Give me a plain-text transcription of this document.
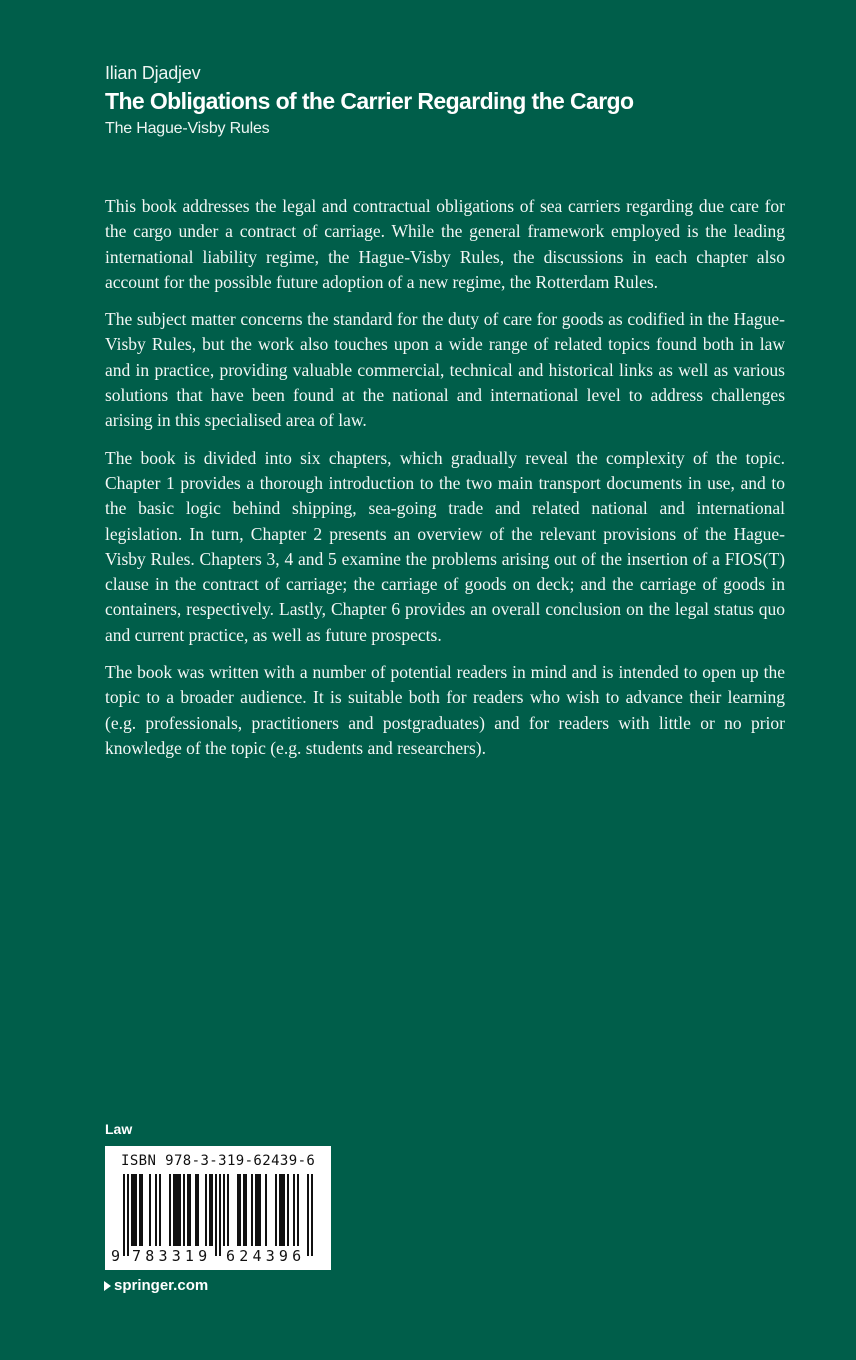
Ilian Djadjev
The Obligations of the Carrier Regarding the Cargo
The Hague-Visby Rules

This book addresses the legal and contractual obligations of sea carriers regarding due care for the cargo under a contract of carriage. While the general framework employed is the leading international liability regime, the Hague-Visby Rules, the discussions in each chapter also account for the possible future adoption of a new regime, the Rotterdam Rules.

The subject matter concerns the standard for the duty of care for goods as codified in the Hague-Visby Rules, but the work also touches upon a wide range of related topics found both in law and in practice, providing valuable commercial, technical and historical links as well as various solutions that have been found at the national and international level to address challenges arising in this specialised area of law.

The book is divided into six chapters, which gradually reveal the complexity of the topic. Chapter 1 provides a thorough introduction to the two main transport documents in use, and to the basic logic behind shipping, sea-going trade and related national and international legislation. In turn, Chapter 2 presents an overview of the relevant provisions of the Hague-Visby Rules. Chapters 3, 4 and 5 examine the problems arising out of the insertion of a FIOS(T) clause in the contract of carriage; the carriage of goods on deck; and the carriage of goods in containers, respectively. Lastly, Chapter 6 provides an overall conclusion on the legal status quo and current practice, as well as future prospects.

The book was written with a number of potential readers in mind and is intended to open up the topic to a broader audience. It is suitable both for readers who wish to advance their learning (e.g. professionals, practitioners and postgraduates) and for readers with little or no prior knowledge of the topic (e.g. students and researchers).

Law
ISBN 978-3-319-62439-6
9 783319 624396
springer.com
